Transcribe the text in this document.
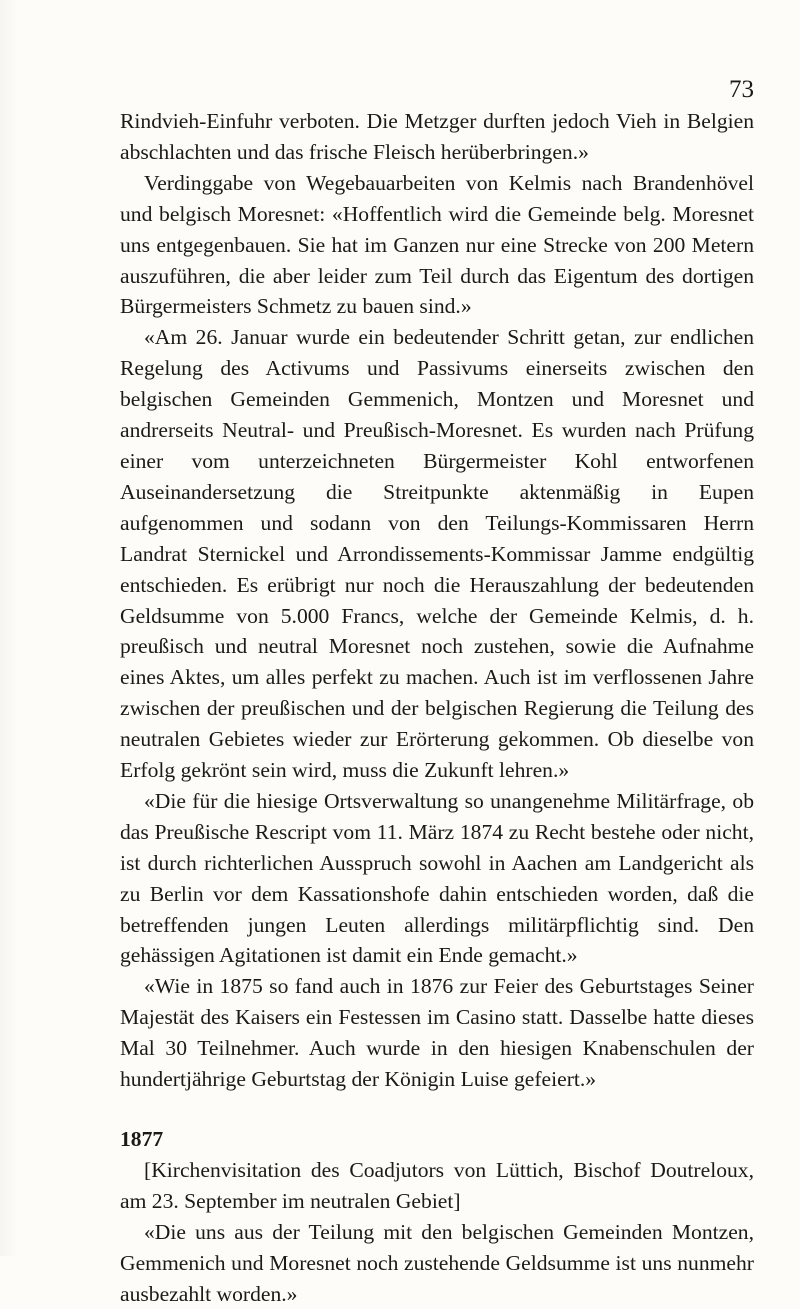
73

Rindvieh-Einfuhr verboten. Die Metzger durften jedoch Vieh in Belgien abschlachten und das frische Fleisch herüberbringen.»

Verdinggabe von Wegebauarbeiten von Kelmis nach Brandenhövel und belgisch Moresnet: «Hoffentlich wird die Gemeinde belg. Moresnet uns entgegenbauen. Sie hat im Ganzen nur eine Strecke von 200 Metern auszuführen, die aber leider zum Teil durch das Eigentum des dortigen Bürgermeisters Schmetz zu bauen sind.»

«Am 26. Januar wurde ein bedeutender Schritt getan, zur endlichen Regelung des Activums und Passivums einerseits zwischen den belgischen Gemeinden Gemmenich, Montzen und Moresnet und andrerseits Neutral- und Preußisch-Moresnet. Es wurden nach Prüfung einer vom unterzeichneten Bürgermeister Kohl entworfenen Auseinandersetzung die Streitpunkte aktenmäßig in Eupen aufgenommen und sodann von den Teilungs-Kommissaren Herrn Landrat Sternickel und Arrondissements-Kommissar Jamme endgültig entschieden. Es erübrigt nur noch die Herauszahlung der bedeutenden Geldsumme von 5.000 Francs, welche der Gemeinde Kelmis, d. h. preußisch und neutral Moresnet noch zustehen, sowie die Aufnahme eines Aktes, um alles perfekt zu machen. Auch ist im verflossenen Jahre zwischen der preußischen und der belgischen Regierung die Teilung des neutralen Gebietes wieder zur Erörterung gekommen. Ob dieselbe von Erfolg gekrönt sein wird, muss die Zukunft lehren.»

«Die für die hiesige Ortsverwaltung so unangenehme Militärfrage, ob das Preußische Rescript vom 11. März 1874 zu Recht bestehe oder nicht, ist durch richterlichen Ausspruch sowohl in Aachen am Landgericht als zu Berlin vor dem Kassationshofe dahin entschieden worden, daß die betreffenden jungen Leuten allerdings militärpflichtig sind. Den gehässigen Agitationen ist damit ein Ende gemacht.»

«Wie in 1875 so fand auch in 1876 zur Feier des Geburtstages Seiner Majestät des Kaisers ein Festessen im Casino statt. Dasselbe hatte dieses Mal 30 Teilnehmer. Auch wurde in den hiesigen Knabenschulen der hundertjährige Geburtstag der Königin Luise gefeiert.»

1877

[Kirchenvisitation des Coadjutors von Lüttich, Bischof Doutreloux, am 23. September im neutralen Gebiet]

«Die uns aus der Teilung mit den belgischen Gemeinden Montzen, Gemmenich und Moresnet noch zustehende Geldsumme ist uns nunmehr ausbezahlt worden.»
